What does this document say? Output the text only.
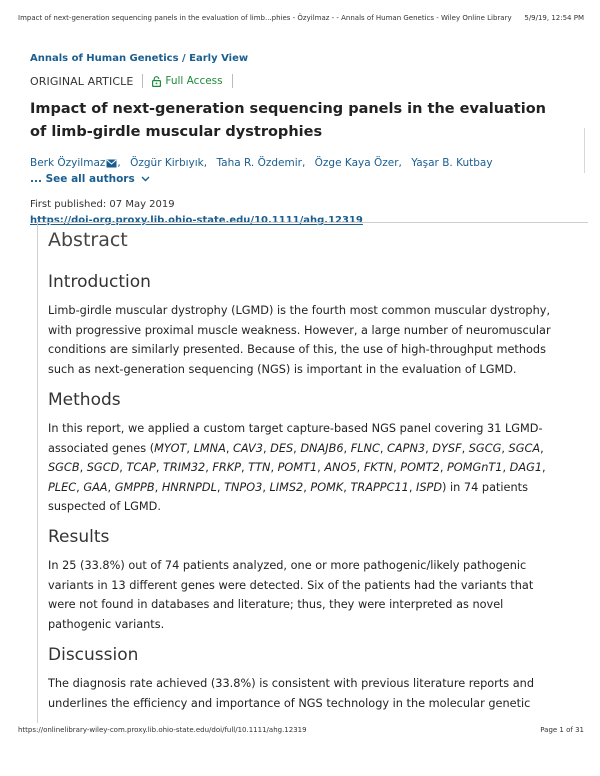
Impact of next-generation sequencing panels in the evaluation of limb...phies - Özyilmaz - - Annals of Human Genetics - Wiley Online Library 5/9/19, 12:54 PM
Annals of Human Genetics / Early View
ORIGINAL ARTICLE	Full Access
Impact of next-generation sequencing panels in the evaluation of limb-girdle muscular dystrophies
Berk Özyilmaz , Özgür Kirbıyık, Taha R. Özdemir, Özge Kaya Özer, Yaşar B. Kutbay
... See all authors
First published: 07 May 2019
https://doi-org.proxy.lib.ohio-state.edu/10.1111/ahg.12319
Abstract
Introduction
Limb-girdle muscular dystrophy (LGMD) is the fourth most common muscular dystrophy,
with progressive proximal muscle weakness. However, a large number of neuromuscular
conditions are similarly presented. Because of this, the use of high-throughput methods
such as next-generation sequencing (NGS) is important in the evaluation of LGMD.
Methods
In this report, we applied a custom target capture-based NGS panel covering 31 LGMD-associated genes (MYOT, LMNA, CAV3, DES, DNAJB6, FLNC, CAPN3, DYSF, SGCG, SGCA, SGCB, SGCD, TCAP, TRIM32, FRKP, TTN, POMT1, ANO5, FKTN, POMT2, POMGnT1, DAG1, PLEC, GAA, GMPPB, HNRNPDL, TNPO3, LIMS2, POMK, TRAPPC11, ISPD) in 74 patients suspected of LGMD.
Results
In 25 (33.8%) out of 74 patients analyzed, one or more pathogenic/likely pathogenic
variants in 13 different genes were detected. Six of the patients had the variants that
were not found in databases and literature; thus, they were interpreted as novel
pathogenic variants.
Discussion
The diagnosis rate achieved (33.8%) is consistent with previous literature reports and
underlines the efficiency and importance of NGS technology in the molecular genetic
https://onlinelibrary-wiley-com.proxy.lib.ohio-state.edu/doi/full/10.1111/ahg.12319	Page 1 of 31
